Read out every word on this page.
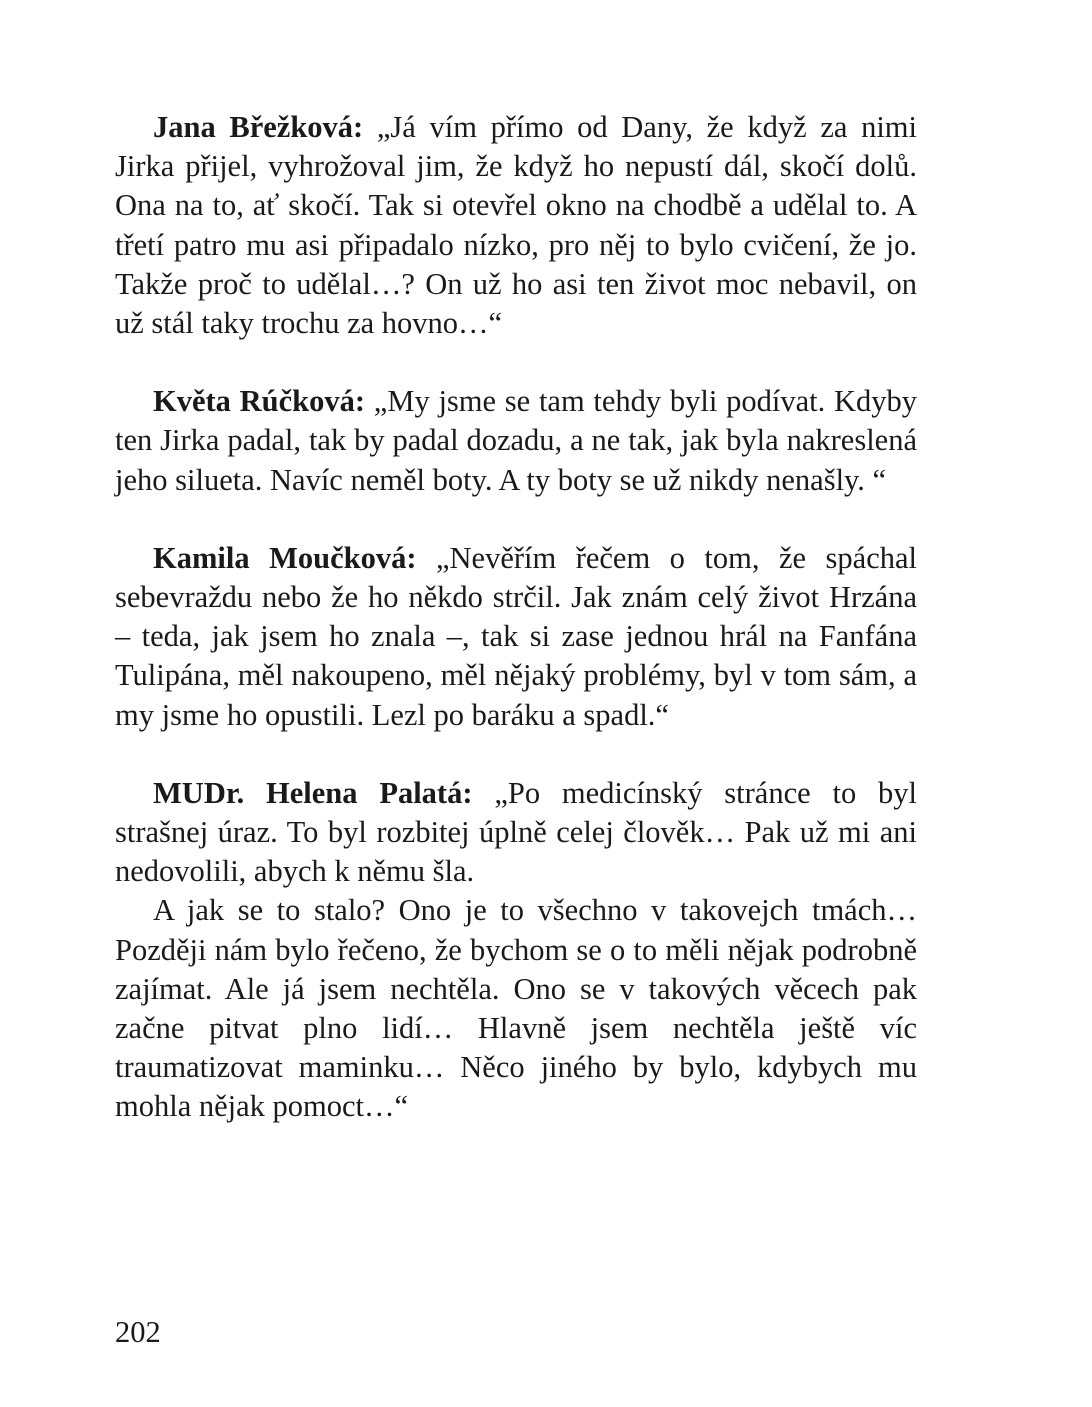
Jana Břežková: „Já vím přímo od Dany, že když za nimi Jirka přijel, vyhrožoval jim, že když ho nepustí dál, skočí dolů. Ona na to, ať skočí. Tak si otevřel okno na chodbě a udělal to. A třetí patro mu asi připadalo nízko, pro něj to bylo cvičení, že jo. Takže proč to udělal…? On už ho asi ten život moc nebavil, on už stál taky trochu za hovno…“

Květa Rúčková: „My jsme se tam tehdy byli podívat. Kdyby ten Jirka padal, tak by padal dozadu, a ne tak, jak byla nakreslená jeho silueta. Navíc neměl boty. A ty boty se už nikdy nenašly. “

Kamila Moučková: „Nevěřím řečem o tom, že spáchal sebevraždu nebo že ho někdo strčil. Jak znám celý život Hrzána – teda, jak jsem ho znala –, tak si zase jednou hrál na Fanfána Tulipána, měl nakoupeno, měl nějaký problémy, byl v tom sám, a my jsme ho opustili. Lezl po baráku a spadl.“

MUDr. Helena Palatá: „Po medicínský stránce to byl strašnej úraz. To byl rozbitej úplně celej člověk… Pak už mi ani nedovolili, abych k němu šla.

A jak se to stalo? Ono je to všechno v takovejch tmách… Později nám bylo řečeno, že bychom se o to měli nějak podrobně zajímat. Ale já jsem nechtěla. Ono se v takových věcech pak začne pitvat plno lidí… Hlavně jsem nechtěla ještě víc traumatizovat maminku… Něco jiného by bylo, kdybych mu mohla nějak pomoct…“

202
